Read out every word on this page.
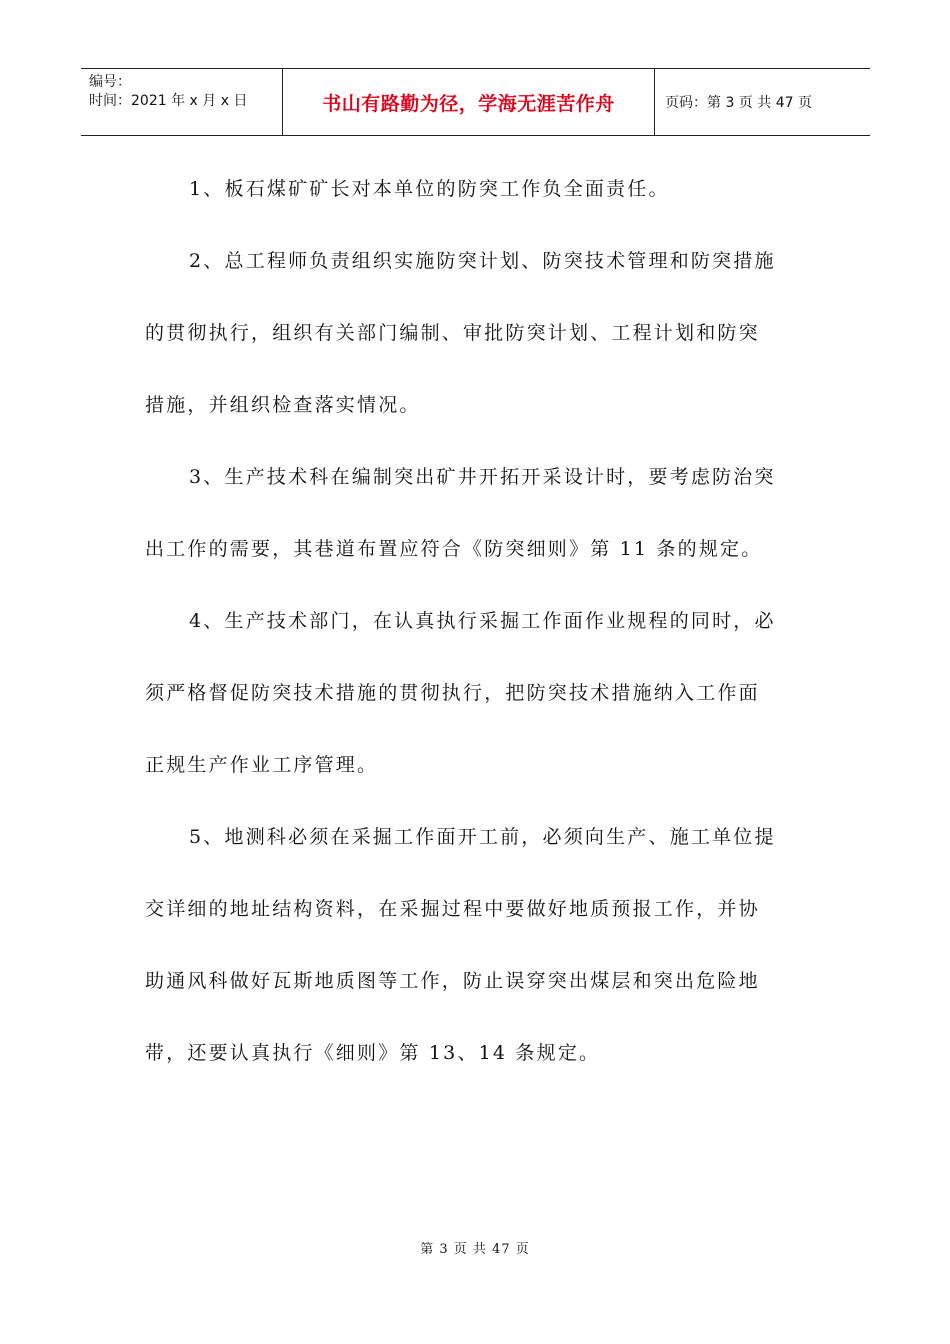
编号：
时间：2021 年 x 月 x 日	书山有路勤为径，学海无涯苦作舟	页码：第 3 页 共 47 页

1、板石煤矿矿长对本单位的防突工作负全面责任。

2、总工程师负责组织实施防突计划、防突技术管理和防突措施

的贯彻执行，组织有关部门编制、审批防突计划、工程计划和防突

措施，并组织检查落实情况。

3、生产技术科在编制突出矿井开拓开采设计时，要考虑防治突

出工作的需要，其巷道布置应符合《防突细则》第 11 条的规定。

4、生产技术部门，在认真执行采掘工作面作业规程的同时，必

须严格督促防突技术措施的贯彻执行，把防突技术措施纳入工作面

正规生产作业工序管理。

5、地测科必须在采掘工作面开工前，必须向生产、施工单位提

交详细的地址结构资料，在采掘过程中要做好地质预报工作，并协

助通风科做好瓦斯地质图等工作，防止误穿突出煤层和突出危险地

带，还要认真执行《细则》第 13、14 条规定。

第 3 页 共 47 页
